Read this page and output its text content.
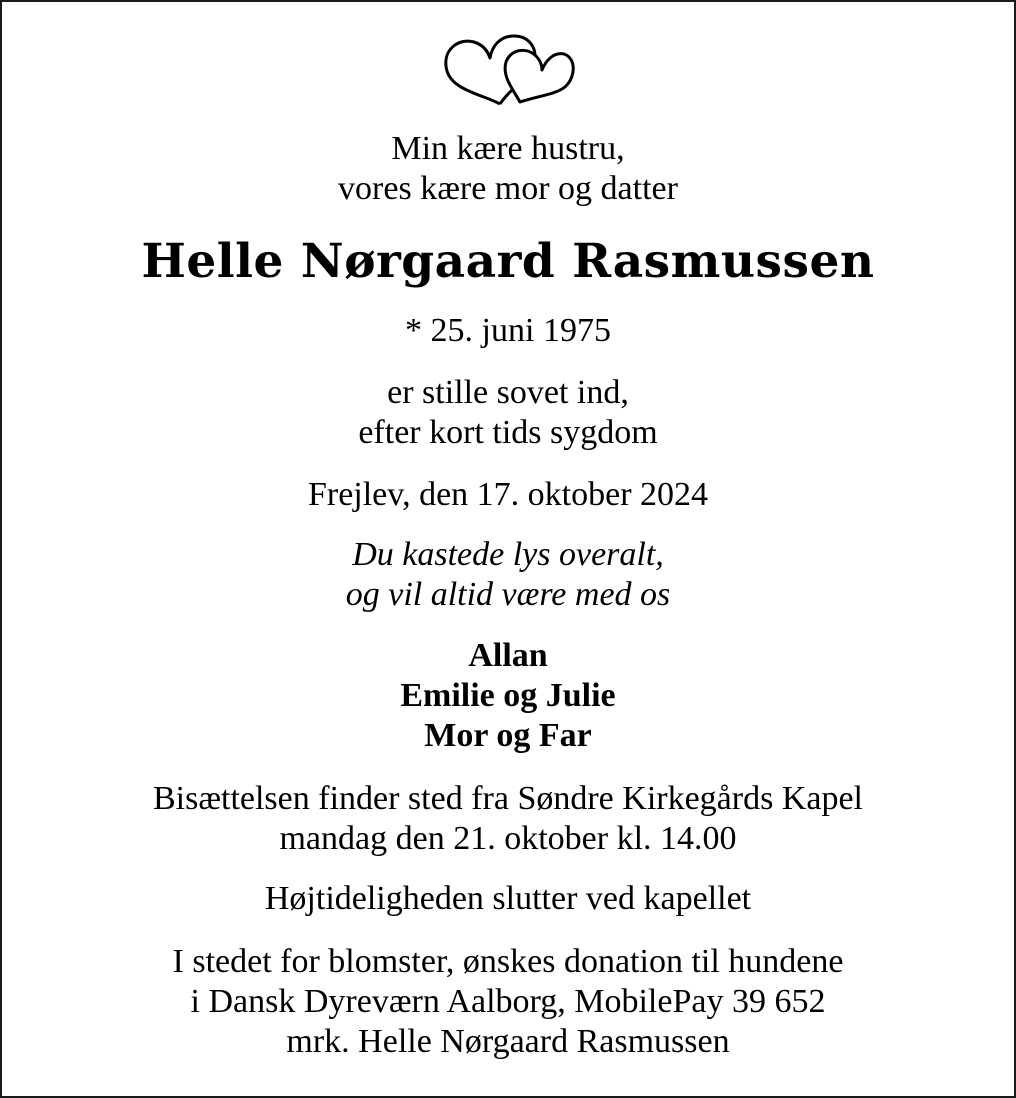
Min kære hustru,
vores kære mor og datter
Helle Nørgaard Rasmussen
* 25. juni 1975
er stille sovet ind,
efter kort tids sygdom
Frejlev, den 17. oktober 2024
Du kastede lys overalt,
og vil altid være med os
Allan
Emilie og Julie
Mor og Far
Bisættelsen finder sted fra Søndre Kirkegårds Kapel
mandag den 21. oktober kl. 14.00
Højtideligheden slutter ved kapellet
I stedet for blomster, ønskes donation til hundene
i Dansk Dyreværn Aalborg, MobilePay 39 652
mrk. Helle Nørgaard Rasmussen
